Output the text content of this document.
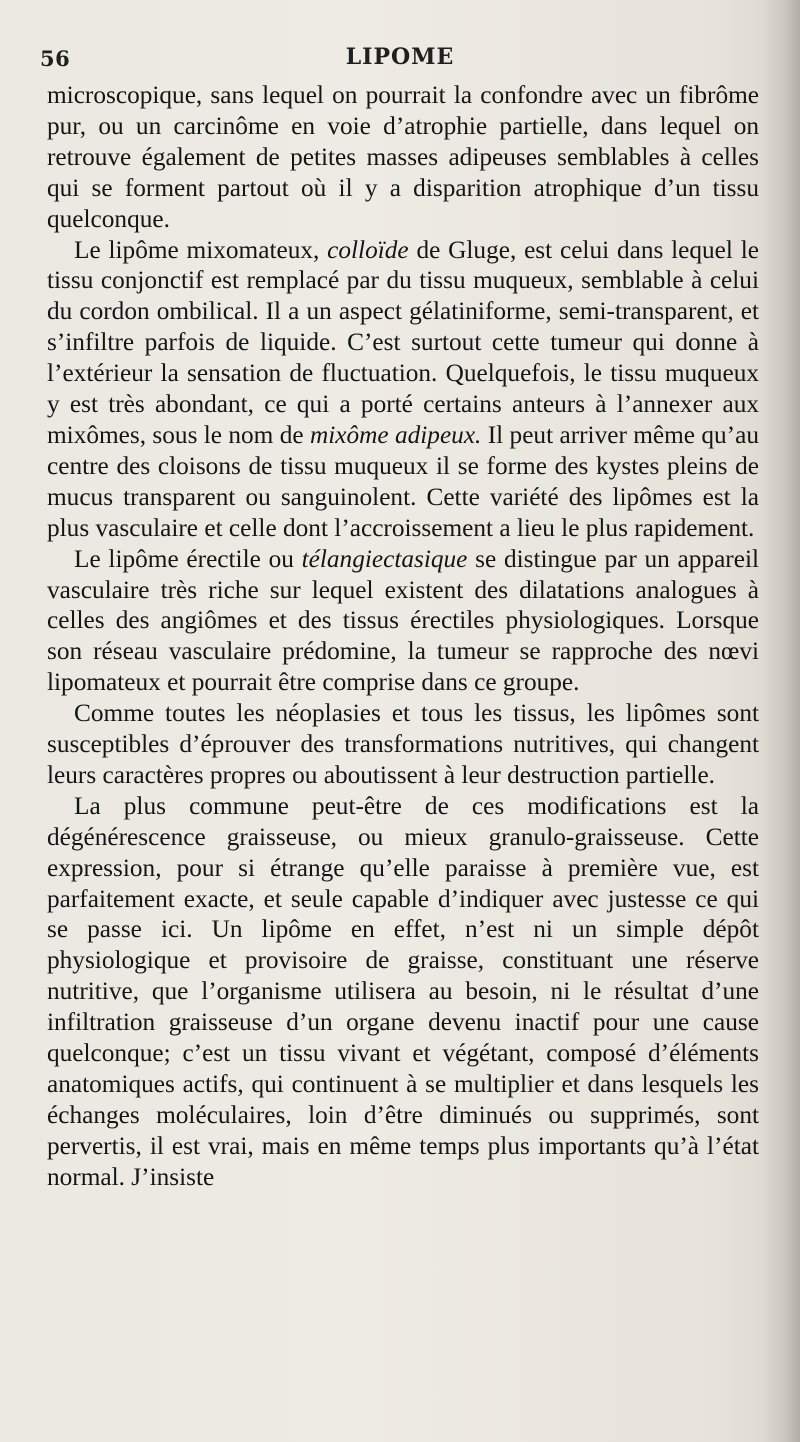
56	LIPOME

microscopique, sans lequel on pourrait la confondre avec un fibrôme pur, ou un carcinôme en voie d’atrophie partielle, dans lequel on retrouve également de petites masses adipeuses semblables à celles qui se forment partout où il y a disparition atrophique d’un tissu quelconque.

Le lipôme mixomateux, colloïde de Gluge, est celui dans lequel le tissu conjonctif est remplacé par du tissu muqueux, semblable à celui du cordon ombilical. Il a un aspect gélatiniforme, semi-transparent, et s’infiltre parfois de liquide. C’est surtout cette tumeur qui donne à l’extérieur la sensation de fluctuation. Quelquefois, le tissu muqueux y est très abondant, ce qui a porté certains anteurs à l’annexer aux mixômes, sous le nom de mixôme adipeux. Il peut arriver même qu’au centre des cloisons de tissu muqueux il se forme des kystes pleins de mucus transparent ou sanguinolent. Cette variété des lipômes est la plus vasculaire et celle dont l’accroissement a lieu le plus rapidement.

Le lipôme érectile ou télangiectasique se distingue par un appareil vasculaire très riche sur lequel existent des dilatations analogues à celles des angiômes et des tissus érectiles physiologiques. Lorsque son réseau vasculaire prédomine, la tumeur se rapproche des nœvi lipomateux et pourrait être comprise dans ce groupe.

Comme toutes les néoplasies et tous les tissus, les lipômes sont susceptibles d’éprouver des transformations nutritives, qui changent leurs caractères propres ou aboutissent à leur destruction partielle.

La plus commune peut-être de ces modifications est la dégénérescence graisseuse, ou mieux granulo-graisseuse. Cette expression, pour si étrange qu’elle paraisse à première vue, est parfaitement exacte, et seule capable d’indiquer avec justesse ce qui se passe ici. Un lipôme en effet, n’est ni un simple dépôt physiologique et provisoire de graisse, constituant une réserve nutritive, que l’organisme utilisera au besoin, ni le résultat d’une infiltration graisseuse d’un organe devenu inactif pour une cause quelconque; c’est un tissu vivant et végétant, composé d’éléments anatomiques actifs, qui continuent à se multiplier et dans lesquels les échanges moléculaires, loin d’être diminués ou supprimés, sont pervertis, il est vrai, mais en même temps plus importants qu’à l’état normal. J’insiste
